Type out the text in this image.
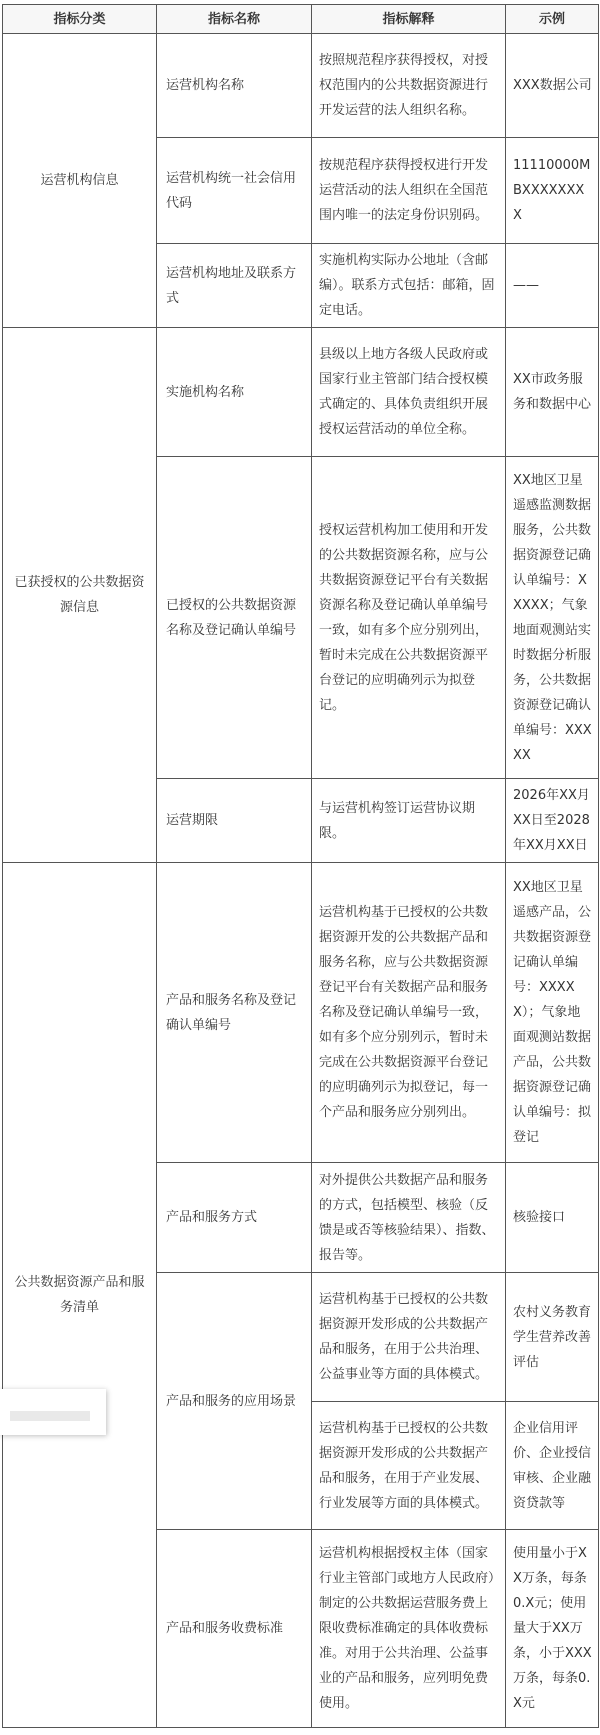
指标分类	指标名称	指标解释	示例
运营机构信息	运营机构名称	按照规范程序获得授权，对授权范围内的公共数据资源进行开发运营的法人组织名称。	XXX数据公司
	运营机构统一社会信用代码	按规范程序获得授权进行开发运营活动的法人组织在全国范围内唯一的法定身份识别码。	11110000MBXXXXXXXX
	运营机构地址及联系方式	实施机构实际办公地址（含邮编）。联系方式包括：邮箱，固定电话。	——
已获授权的公共数据资源信息	实施机构名称	县级以上地方各级人民政府或国家行业主管部门结合授权模式确定的、具体负责组织开展授权运营活动的单位全称。	XX市政务服务和数据中心
	已授权的公共数据资源名称及登记确认单编号	授权运营机构加工使用和开发的公共数据资源名称，应与公共数据资源登记平台有关数据资源名称及登记确认单单编号一致，如有多个应分别列出，暂时未完成在公共数据资源平台登记的应明确列示为拟登记。	XX地区卫星遥感监测数据服务，公共数据资源登记确认单编号：XXXXX；气象地面观测站实时数据分析服务，公共数据资源登记确认单编号：XXXXX
	运营期限	与运营机构签订运营协议期限。	2026年XX月XX日至2028年XX月XX日
公共数据资源产品和服务清单	产品和服务名称及登记确认单编号	运营机构基于已授权的公共数据资源开发的公共数据产品和服务名称，应与公共数据资源登记平台有关数据产品和服务名称及登记确认单编号一致，如有多个应分别列示，暂时未完成在公共数据资源平台登记的应明确列示为拟登记，每一个产品和服务应分别列出。	XX地区卫星遥感产品，公共数据资源登记确认单编号：XXXXX）；气象地面观测站数据产品，公共数据资源登记确认单编号：拟登记
	产品和服务方式	对外提供公共数据产品和服务的方式，包括模型、核验（反馈是或否等核验结果）、指数、报告等。	核验接口
	产品和服务的应用场景	运营机构基于已授权的公共数据资源开发形成的公共数据产品和服务，在用于公共治理、公益事业等方面的具体模式。	农村义务教育学生营养改善评估
		运营机构基于已授权的公共数据资源开发形成的公共数据产品和服务，在用于产业发展、行业发展等方面的具体模式。	企业信用评价、企业授信审核、企业融资贷款等
	产品和服务收费标准	运营机构根据授权主体（国家行业主管部门或地方人民政府）制定的公共数据运营服务费上限收费标准确定的具体收费标准。对用于公共治理、公益事业的产品和服务，应列明免费使用。	使用量小于XX万条，每条0.X元；使用量大于XX万条，小于XXX万条，每条0.X元
